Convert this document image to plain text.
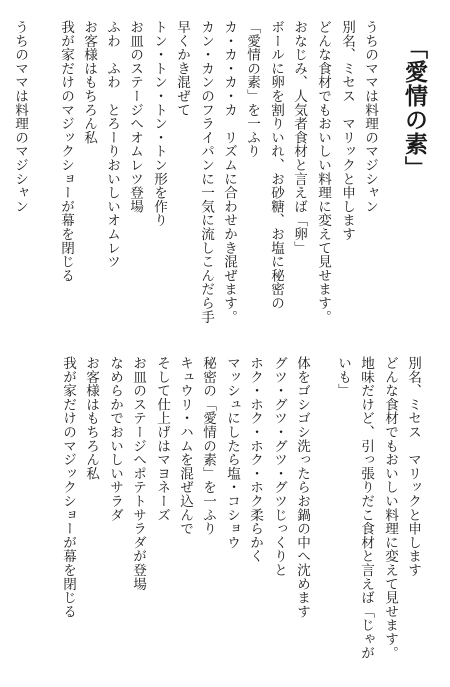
「愛情の素」
うちのママは料理のマジシャン
別名、ミセス　マリックと申します
どんな食材でもおいしい料理に変えて見せます。
おなじみ、人気者食材と言えば「卵」
ボールに卵を割りいれ、お砂糖、お塩に秘密の
「愛情の素」を一ふり
カ・カ・カ・カ　リズムに合わせかき混ぜます。
カン・カンのフライパンに一気に流しこんだら手
早くかき混ぜて
トン・トン・トン・トン形を作り
お皿のステージへオムレツ登場
ふわ　ふわ　とろーりおいしいオムレツ
お客様はもちろん私
我が家だけのマジックショーが幕を閉じる
うちのママは料理のマジシャン
別名、ミセス　マリックと申します
どんな食材でもおいしい料理に変えて見せます。
地味だけど、引っ張りだこ食材と言えば「じゃが
いも」
体をゴシゴシ洗ったらお鍋の中へ沈めます
グツ・グツ・グツ・グツじっくりと
ホク・ホク・ホク・ホク柔らかく
マッシュにしたら塩・コショウ
秘密の「愛情の素」を一ふり
キュウリ・ハムを混ぜ込んで
そして仕上げはマヨネーズ
お皿のステージへポテトサラダが登場
なめらかでおいしいサラダ
お客様はもちろん私
我が家だけのマジックショーが幕を閉じる
